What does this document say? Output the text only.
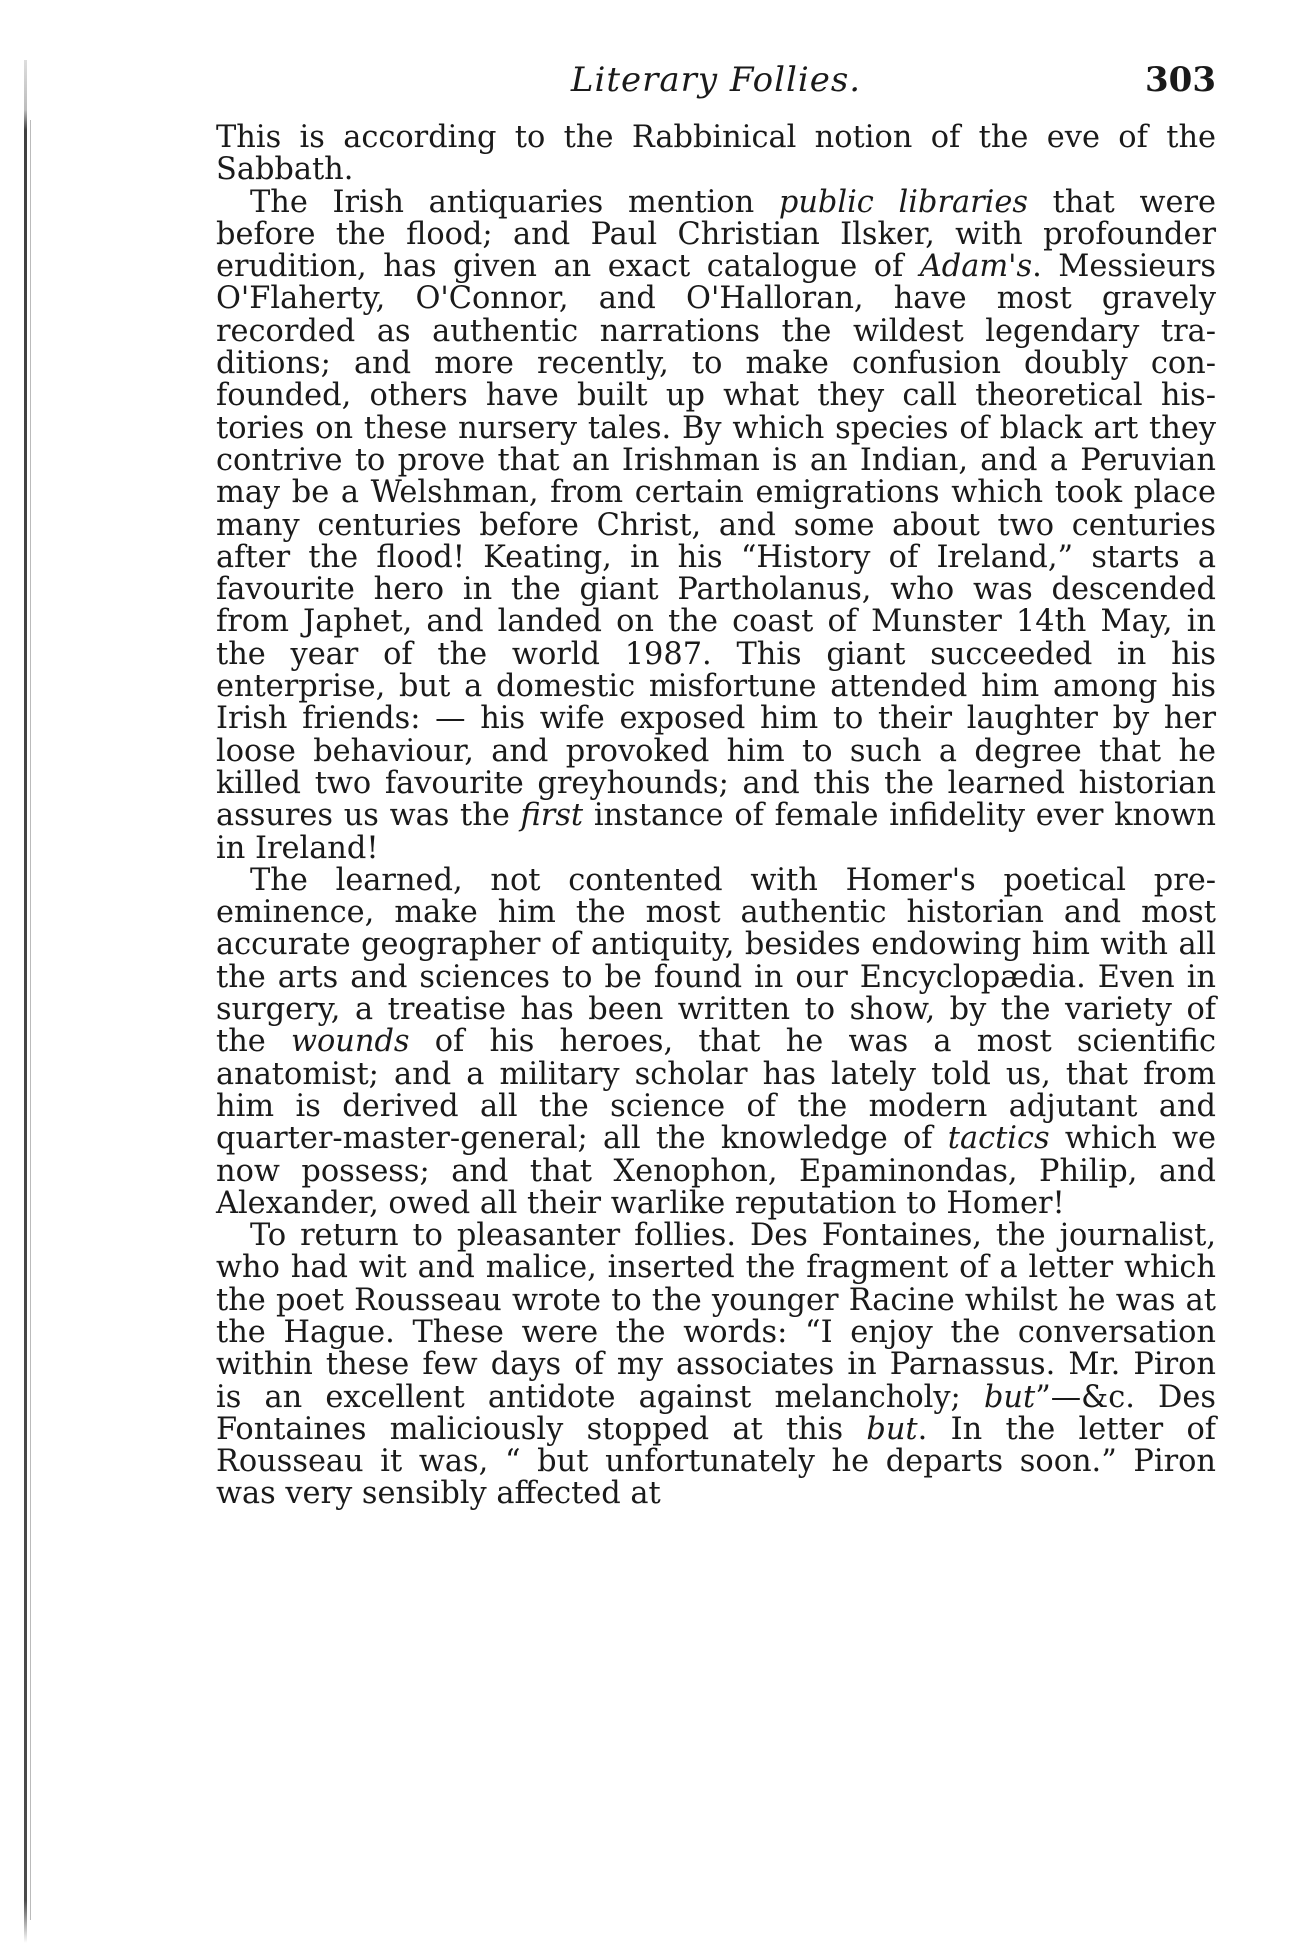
Literary Follies.	303

This is according to the Rabbinical notion of the eve of the Sabbath.

The Irish antiquaries mention public libraries that were before the flood; and Paul Christian Ilsker, with profounder erudition, has given an exact catalogue of Adam's. Messieurs O'Flaherty, O'Connor, and O'Halloran, have most gravely recorded as authentic narrations the wildest legendary traditions; and more recently, to make confusion doubly confounded, others have built up what they call theoretical histories on these nursery tales. By which species of black art they contrive to prove that an Irishman is an Indian, and a Peruvian may be a Welshman, from certain emigrations which took place many centuries before Christ, and some about two centuries after the flood! Keating, in his “History of Ireland,” starts a favourite hero in the giant Partholanus, who was descended from Japhet, and landed on the coast of Munster 14th May, in the year of the world 1987. This giant succeeded in his enterprise, but a domestic misfortune attended him among his Irish friends: — his wife exposed him to their laughter by her loose behaviour, and provoked him to such a degree that he killed two favourite greyhounds; and this the learned historian assures us was the first instance of female infidelity ever known in Ireland!

The learned, not contented with Homer's poetical preeminence, make him the most authentic historian and most accurate geographer of antiquity, besides endowing him with all the arts and sciences to be found in our Encyclopædia. Even in surgery, a treatise has been written to show, by the variety of the wounds of his heroes, that he was a most scientific anatomist; and a military scholar has lately told us, that from him is derived all the science of the modern adjutant and quarter-master-general; all the knowledge of tactics which we now possess; and that Xenophon, Epaminondas, Philip, and Alexander, owed all their warlike reputation to Homer!

To return to pleasanter follies. Des Fontaines, the journalist, who had wit and malice, inserted the fragment of a letter which the poet Rousseau wrote to the younger Racine whilst he was at the Hague. These were the words: “I enjoy the conversation within these few days of my associates in Parnassus. Mr. Piron is an excellent antidote against melancholy; but”—&c. Des Fontaines maliciously stopped at this but. In the letter of Rousseau it was, “ but unfortunately he departs soon.” Piron was very sensibly affected at
